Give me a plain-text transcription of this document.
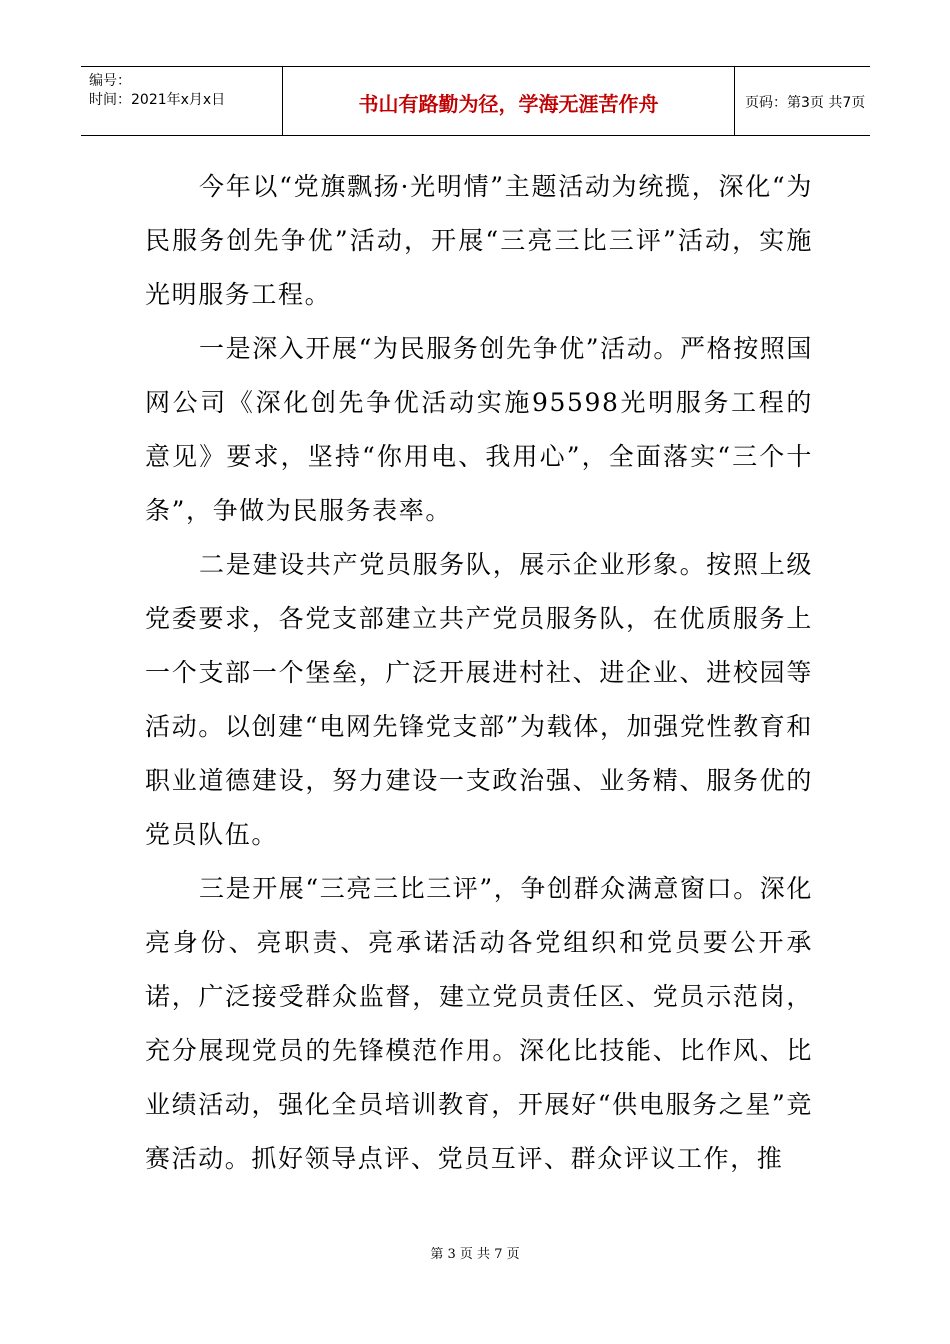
编号：
时间：2021年x月x日	书山有路勤为径，学海无涯苦作舟	页码：第3页 共7页

今年以“党旗飘扬·光明情”主题活动为统揽，深化“为民服务创先争优”活动，开展“三亮三比三评”活动，实施光明服务工程。

一是深入开展“为民服务创先争优”活动。严格按照国网公司《深化创先争优活动实施95598光明服务工程的意见》要求，坚持“你用电、我用心”，全面落实“三个十条”，争做为民服务表率。

二是建设共产党员服务队，展示企业形象。按照上级党委要求，各党支部建立共产党员服务队，在优质服务上一个支部一个堡垒，广泛开展进村社、进企业、进校园等活动。以创建“电网先锋党支部”为载体，加强党性教育和职业道德建设，努力建设一支政治强、业务精、服务优的党员队伍。

三是开展“三亮三比三评”，争创群众满意窗口。深化亮身份、亮职责、亮承诺活动各党组织和党员要公开承诺，广泛接受群众监督，建立党员责任区、党员示范岗，充分展现党员的先锋模范作用。深化比技能、比作风、比业绩活动，强化全员培训教育，开展好“供电服务之星”竞赛活动。抓好领导点评、党员互评、群众评议工作，推

第 3 页 共 7 页
